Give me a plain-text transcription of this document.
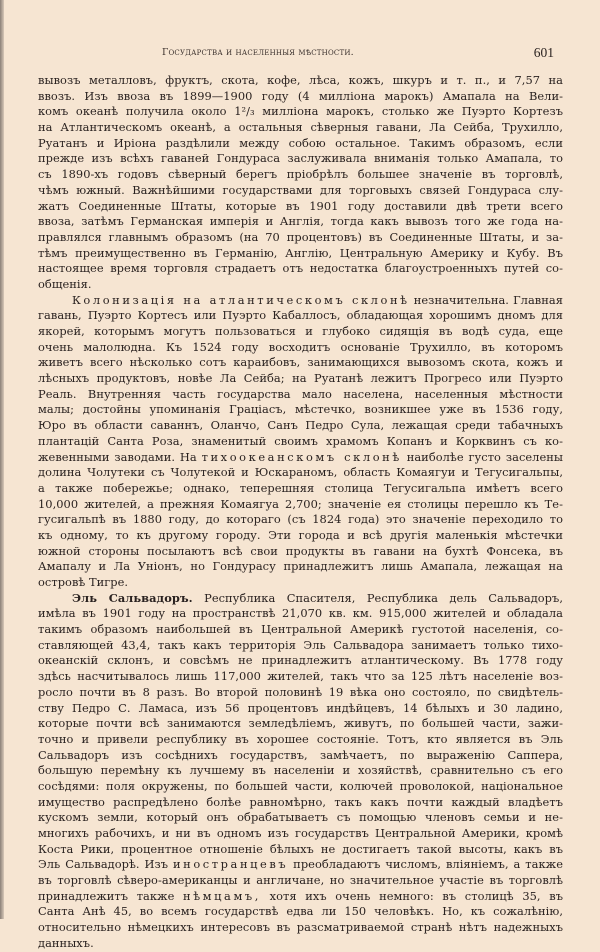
Государства и населенныя мѣстности.	601
вывозъ металловъ, фруктъ, скота, кофе, лѣса, кожъ, шкуръ и т. п., и 7,57 на
ввозъ. Изъ ввоза въ 1899—1900 году (4 милліона марокъ) Амапала на Вели-
комъ океанѣ получила около 1²/₃ милліона марокъ, столько же Пуэрто Кортезъ
на Атлантическомъ океанѣ, а остальныя сѣверныя гавани, Ла Сейба, Трухилло,
Руатанъ и Иріона раздѣлили между собою остальное. Такимъ образомъ, если
прежде изъ всѣхъ гаваней Гондураса заслуживала вниманія только Амапала, то
съ 1890-хъ годовъ сѣверный берегъ пріобрѣлъ большее значеніе въ торговлѣ,
чѣмъ южный. Важнѣйшими государствами для торговыхъ связей Гондураса слу-
жатъ Соединенные Штаты, которые въ 1901 году доставили двѣ трети всего
ввоза, затѣмъ Германская имперія и Англія, тогда какъ вывозъ того же года на-
правлялся главнымъ образомъ (на 70 процентовъ) въ Соединенные Штаты, и за-
тѣмъ преимущественно въ Германію, Англію, Центральную Америку и Кубу. Въ
настоящее время торговля страдаетъ отъ недостатка благоустроенныхъ путей со-
общенія.
Колонизація на атлантическомъ склонѣ незначительна. Главная
гавань, Пуэрто Кортесъ или Пуэрто Кабаллосъ, обладающая хорошимъ дномъ для
якорей, которымъ могутъ пользоваться и глубоко сидящія въ водѣ суда, еще
очень малолюдна. Къ 1524 году восходитъ основаніе Трухилло, въ которомъ
живетъ всего нѣсколько сотъ караибовъ, занимающихся вывозомъ скота, кожъ и
лѣсныхъ продуктовъ, новѣе Ла Сейба; на Руатанѣ лежитъ Прогресо или Пуэрто
Реаль. Внутренняя часть государства мало населена, населенныя мѣстности
малы; достойны упоминанія Граціасъ, мѣстечко, возникшее уже въ 1536 году,
Юро въ области саваннъ, Оланчо, Санъ Педро Сула, лежащая среди табачныхъ
плантацій Санта Роза, знаменитый своимъ храмомъ Копанъ и Корквинъ съ ко-
жевенными заводами. На тихоокеанскомъ склонѣ наиболѣе густо заселены
долина Чолутеки съ Чолутекой и Юскараномъ, область Комаягуи и Тегусигальпы,
а также побережье; однако, теперешняя столица Тегусигальпа имѣетъ всего
10,000 жителей, а прежняя Комаягуа 2,700; значеніе ея столицы перешло къ Те-
гусигальпѣ въ 1880 году, до котораго (съ 1824 года) это значеніе переходило то
къ одному, то къ другому городу. Эти города и всѣ другія маленькія мѣстечки
южной стороны посылаютъ всѣ свои продукты въ гавани на бухтѣ Фонсека, въ
Амапалу и Ла Уніонъ, но Гондурасу принадлежитъ лишь Амапала, лежащая на
островѣ Тигре.
Эль Сальвадоръ. Республика Спасителя, Республика дель Сальвадоръ,
имѣла въ 1901 году на пространствѣ 21,070 кв. км. 915,000 жителей и обладала
такимъ образомъ наибольшей въ Центральной Америкѣ густотой населенія, со-
ставляющей 43,4, такъ какъ территорія Эль Сальвадора занимаетъ только тихо-
океанскій склонъ, и совсѣмъ не принадлежитъ атлантическому. Въ 1778 году
здѣсь насчитывалось лишь 117,000 жителей, такъ что за 125 лѣтъ населеніе воз-
росло почти въ 8 разъ. Во второй половинѣ 19 вѣка оно состояло, по свидѣтель-
ству Педро С. Ламаса, изъ 56 процентовъ индѣйцевъ, 14 бѣлыхъ и 30 ладино,
которые почти всѣ занимаются земледѣліемъ, живутъ, по большей части, зажи-
точно и привели республику въ хорошее состояніе. Тотъ, кто является въ Эль
Сальвадоръ изъ сосѣднихъ государствъ, замѣчаетъ, по выраженію Саппера,
большую перемѣну къ лучшему въ населеніи и хозяйствѣ, сравнительно съ его
сосѣдями: поля окружены, по большей части, колючей проволокой, національное
имущество распредѣлено болѣе равномѣрно, такъ какъ почти каждый владѣетъ
кускомъ земли, который онъ обрабатываетъ съ помощью членовъ семьи и не-
многихъ рабочихъ, и ни въ одномъ изъ государствъ Центральной Америки, кромѣ
Коста Рики, процентное отношеніе бѣлыхъ не достигаетъ такой высоты, какъ въ
Эль Сальвадорѣ. Изъ иностранцевъ преобладаютъ числомъ, вліяніемъ, а также
въ торговлѣ сѣверо-американцы и англичане, но значительное участіе въ торговлѣ
принадлежитъ также нѣмцамъ, хотя ихъ очень немного: въ столицѣ 35, въ
Санта Анѣ 45, во всемъ государствѣ едва ли 150 человѣкъ. Но, къ сожалѣнію,
относительно нѣмецкихъ интересовъ въ разсматриваемой странѣ нѣтъ надежныхъ
данныхъ.
